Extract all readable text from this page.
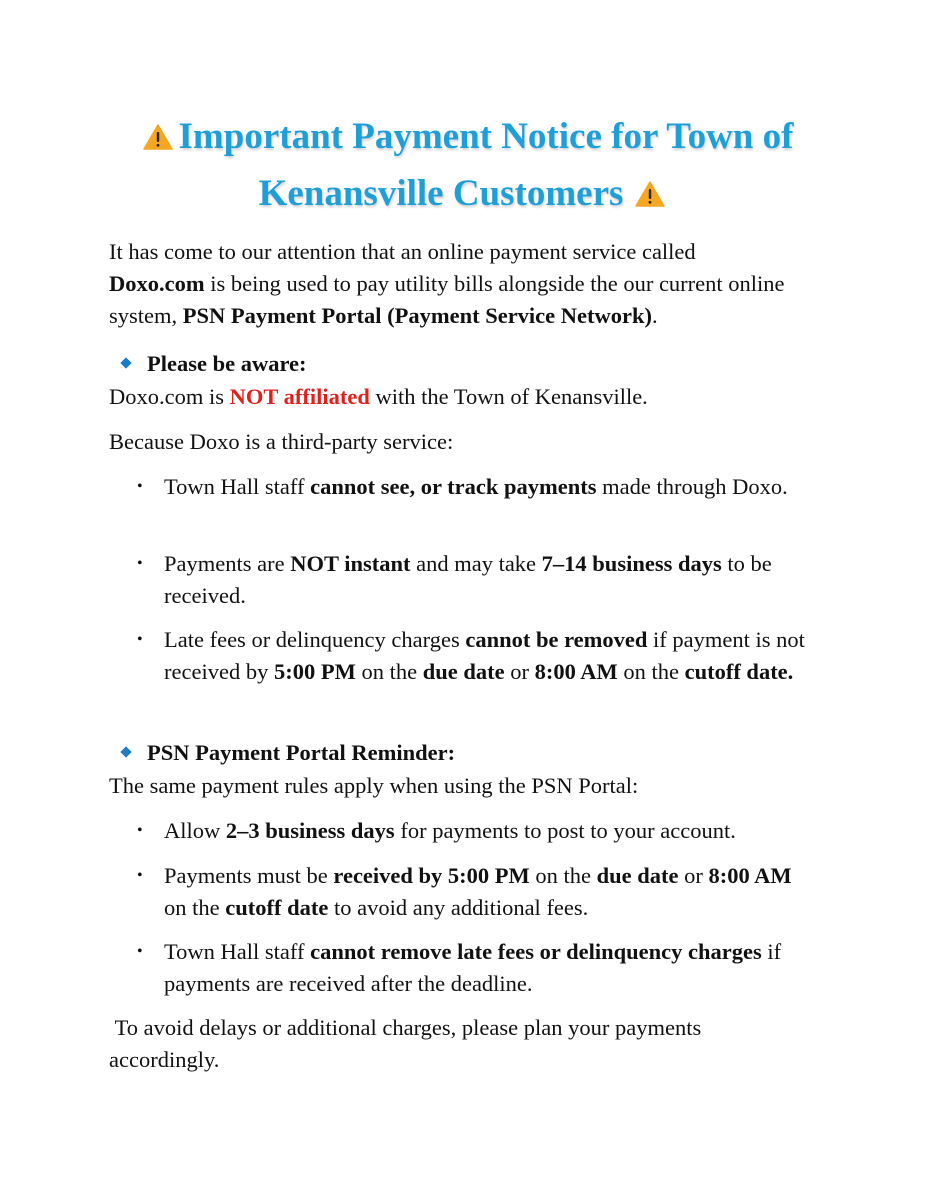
Important Payment Notice for Town of
Kenansville Customers
It has come to our attention that an online payment service called Doxo.com is being used to pay utility bills alongside the our current online system, PSN Payment Portal (Payment Service Network).
Please be aware:
Doxo.com is NOT affiliated with the Town of Kenansville.
Because Doxo is a third-party service:
• Town Hall staff cannot see, or track payments made through Doxo.
• Payments are NOT instant and may take 7–14 business days to be received.
• Late fees or delinquency charges cannot be removed if payment is not received by 5:00 PM on the due date or 8:00 AM on the cutoff date.
PSN Payment Portal Reminder:
The same payment rules apply when using the PSN Portal:
• Allow 2–3 business days for payments to post to your account.
• Payments must be received by 5:00 PM on the due date or 8:00 AM on the cutoff date to avoid any additional fees.
• Town Hall staff cannot remove late fees or delinquency charges if payments are received after the deadline.
To avoid delays or additional charges, please plan your payments accordingly.
